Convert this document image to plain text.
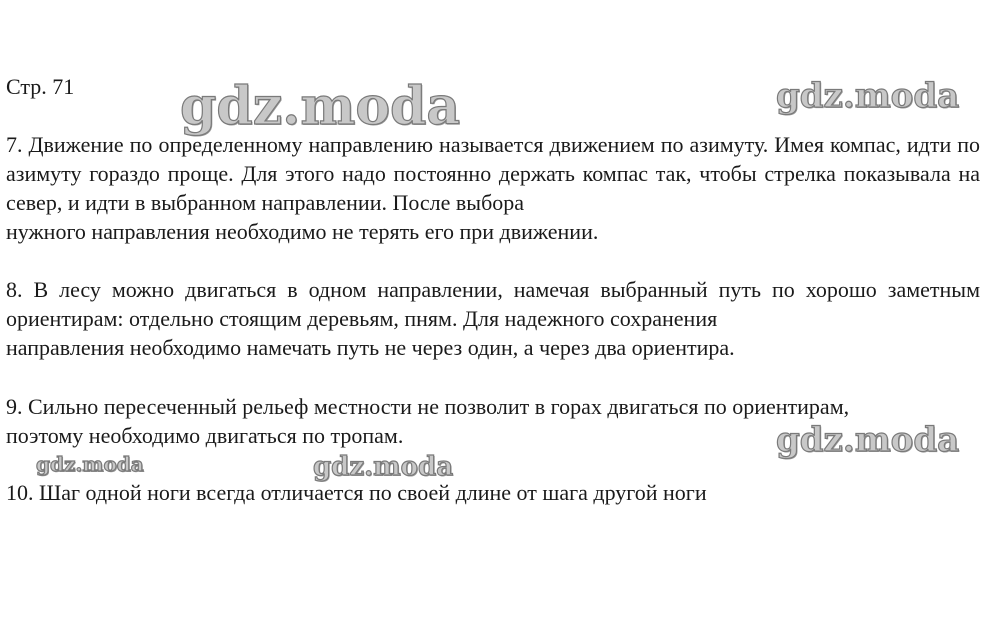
Стр. 71

7. Движение по определенному направлению называется движением по азимуту. Имея компас, идти по азимуту гораздо проще. Для этого надо постоянно держать компас так, чтобы стрелка показывала на север, и идти в выбранном направлении. После выбора
нужного направления необходимо не терять его при движении.

8. В лесу можно двигаться в одном направлении, намечая выбранный путь по хорошо заметным ориентирам: отдельно стоящим деревьям, пням. Для надежного сохранения
направления необходимо намечать путь не через один, а через два ориентира.

9. Сильно пересеченный рельеф местности не позволит в горах двигаться по ориентирам,
поэтому необходимо двигаться по тропам.

10. Шаг одной ноги всегда отличается по своей длине от шага другой ноги

gdz.moda	gdz.moda
gdz.moda
gdz.moda	gdz.moda
